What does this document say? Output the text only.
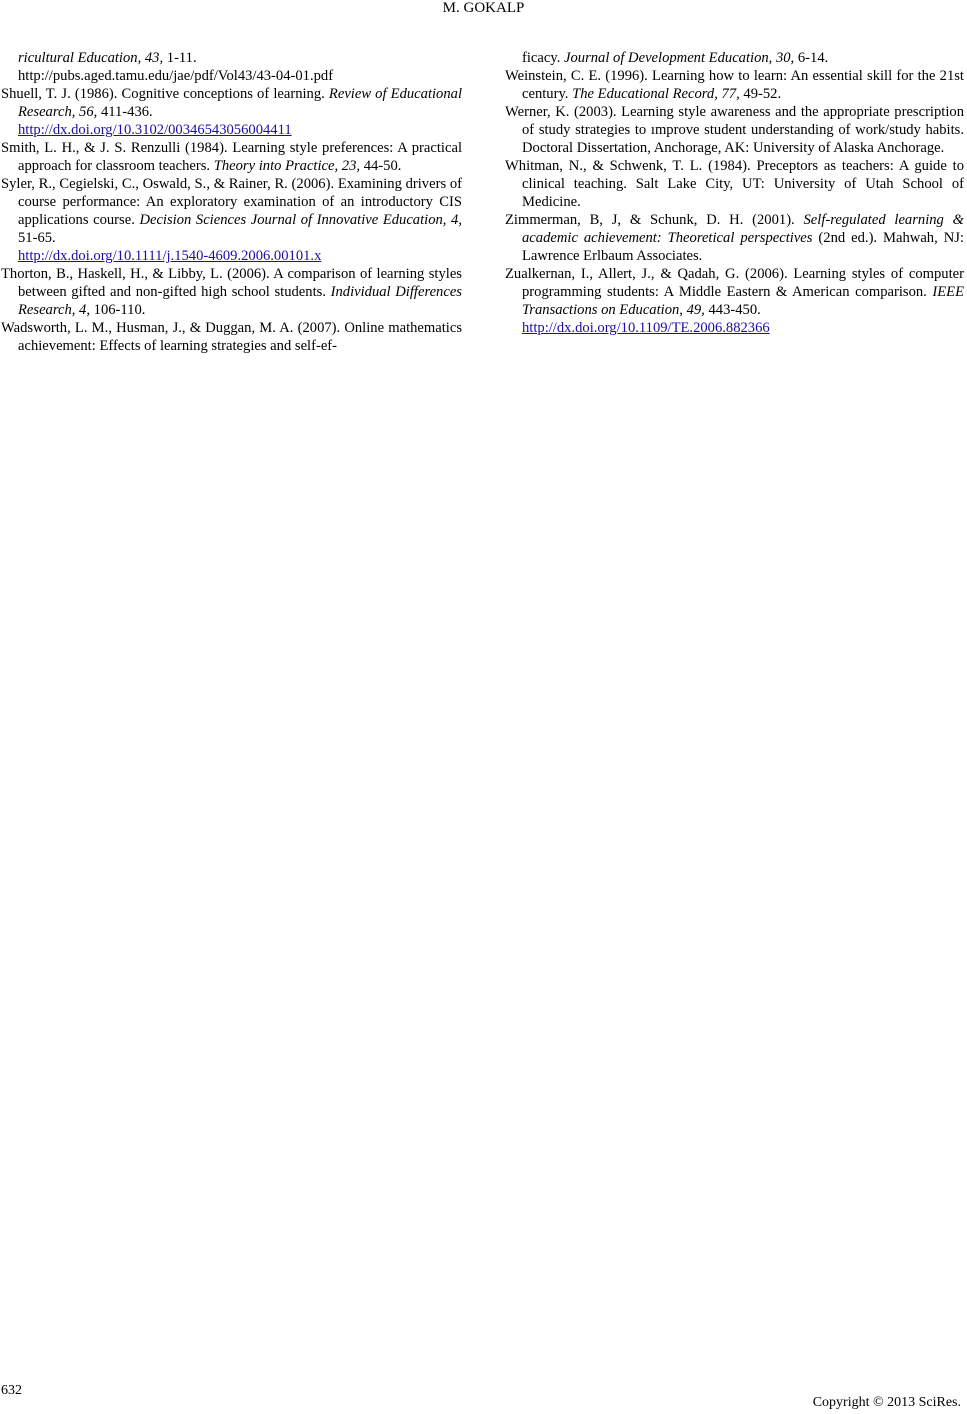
M. GOKALP
ricultural Education, 43, 1-11.
http://pubs.aged.tamu.edu/jae/pdf/Vol43/43-04-01.pdf
Shuell, T. J. (1986). Cognitive conceptions of learning. Review of Educational Research, 56, 411-436.
http://dx.doi.org/10.3102/00346543056004411
Smith, L. H., & J. S. Renzulli (1984). Learning style preferences: A practical approach for classroom teachers. Theory into Practice, 23, 44-50.
Syler, R., Cegielski, C., Oswald, S., & Rainer, R. (2006). Examining drivers of course performance: An exploratory examination of an introductory CIS applications course. Decision Sciences Journal of Innovative Education, 4, 51-65.
http://dx.doi.org/10.1111/j.1540-4609.2006.00101.x
Thorton, B., Haskell, H., & Libby, L. (2006). A comparison of learning styles between gifted and non-gifted high school students. Individual Differences Research, 4, 106-110.
Wadsworth, L. M., Husman, J., & Duggan, M. A. (2007). Online mathematics achievement: Effects of learning strategies and self-ef-
ficacy. Journal of Development Education, 30, 6-14.
Weinstein, C. E. (1996). Learning how to learn: An essential skill for the 21st century. The Educational Record, 77, 49-52.
Werner, K. (2003). Learning style awareness and the appropriate prescription of study strategies to ımprove student understanding of work/study habits. Doctoral Dissertation, Anchorage, AK: University of Alaska Anchorage.
Whitman, N., & Schwenk, T. L. (1984). Preceptors as teachers: A guide to clinical teaching. Salt Lake City, UT: University of Utah School of Medicine.
Zimmerman, B, J, & Schunk, D. H. (2001). Self-regulated learning & academic achievement: Theoretical perspectives (2nd ed.). Mahwah, NJ: Lawrence Erlbaum Associates.
Zualkernan, I., Allert, J., & Qadah, G. (2006). Learning styles of computer programming students: A Middle Eastern & American comparison. IEEE Transactions on Education, 49, 443-450.
http://dx.doi.org/10.1109/TE.2006.882366
632
Copyright © 2013 SciRes.
